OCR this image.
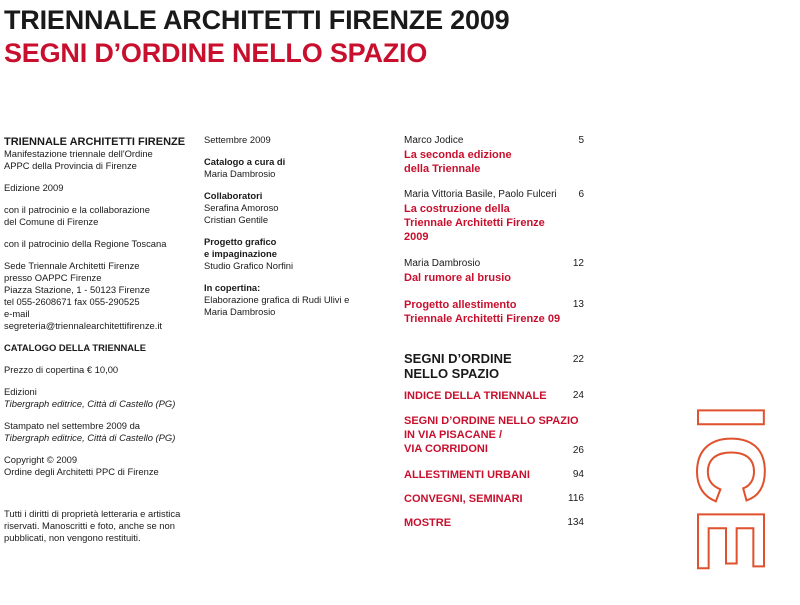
TRIENNALE ARCHITETTI FIRENZE 2009
SEGNI D’ORDINE NELLO SPAZIO

TRIENNALE ARCHITETTI FIRENZE

Manifestazione triennale dell'Ordine

APPC della Provincia di Firenze

Edizione 2009

con il patrocinio e la collaborazione

del Comune di Firenze

con il patrocinio della Regione Toscana

Sede Triennale Architetti Firenze

presso OAPPC Firenze

Piazza Stazione, 1 - 50123 Firenze

tel 055-2608671 fax 055-290525

e-mail

segreteria@triennalearchitettifirenze.it

CATALOGO DELLA TRIENNALE

Prezzo di copertina € 10,00

Edizioni

Tibergraph editrice, Città di Castello (PG)

Stampato nel settembre 2009 da

Tibergraph editrice, Città di Castello (PG)

Copyright © 2009

Ordine degli Architetti PPC di Firenze

Tutti i diritti di proprietà letteraria e artistica

riservati. Manoscritti e foto, anche se non

pubblicati, non vengono restituiti.

Settembre 2009

Catalogo a cura di

Maria Dambrosio

Collaboratori

Serafina Amoroso

Cristian Gentile

Progetto grafico

e impaginazione

Studio Grafico Norfini

In copertina:

Elaborazione grafica di Rudi Ulivi e

Maria Dambrosio

Marco Jodice	5

La seconda edizione

della Triennale

Maria Vittoria Basile, Paolo Fulceri	6

La costruzione della

Triennale Architetti Firenze

2009

Maria Dambrosio	12

Dal rumore al brusio

Progetto allestimento	13

Triennale Architetti Firenze 09

SEGNI D’ORDINE	22

NELLO SPAZIO

INDICE DELLA TRIENNALE	24

SEGNI D’ORDINE NELLO SPAZIO

IN VIA PISACANE /

VIA CORRIDONI	26

ALLESTIMENTI URBANI	94

CONVEGNI, SEMINARI	116

MOSTRE	134 ICE
